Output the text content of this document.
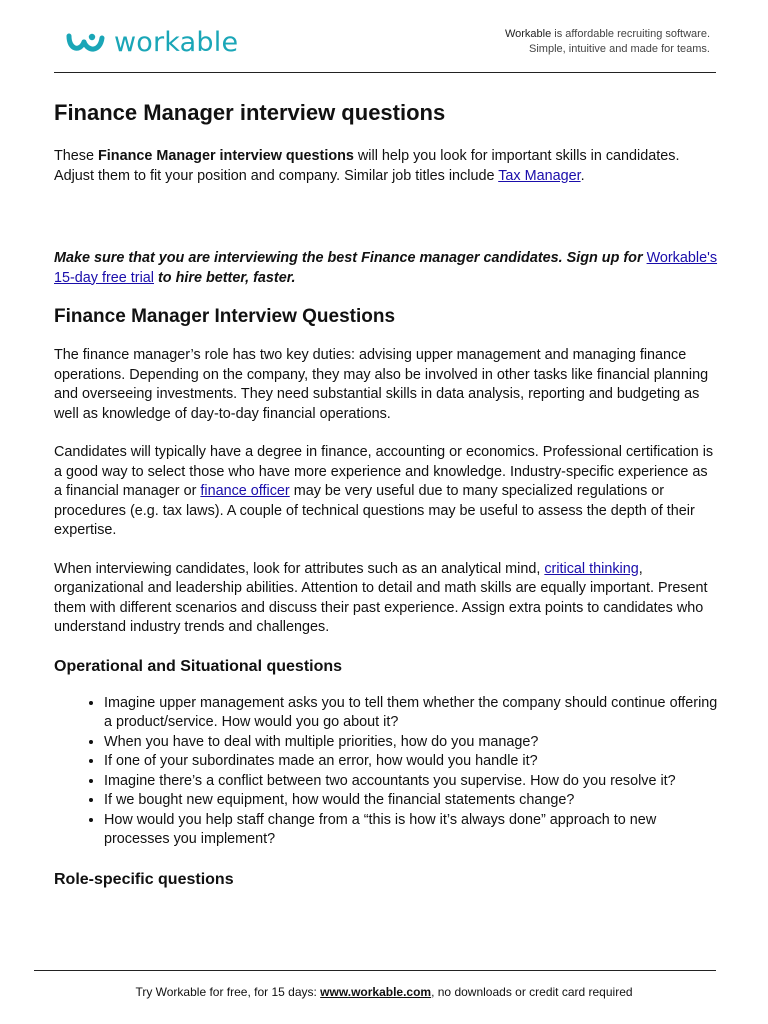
workable	Workable is affordable recruiting software.
Simple, intuitive and made for teams.
Finance Manager interview questions

These Finance Manager interview questions will help you look for important skills in candidates. Adjust them to fit your position and company. Similar job titles include Tax Manager.

Make sure that you are interviewing the best Finance manager candidates. Sign up for Workable's 15-day free trial to hire better, faster.

Finance Manager Interview Questions

The finance manager’s role has two key duties: advising upper management and managing finance operations. Depending on the company, they may also be involved in other tasks like financial planning and overseeing investments. They need substantial skills in data analysis, reporting and budgeting as well as knowledge of day-to-day financial operations.

Candidates will typically have a degree in finance, accounting or economics. Professional certification is a good way to select those who have more experience and knowledge. Industry-specific experience as a financial manager or finance officer may be very useful due to many specialized regulations or procedures (e.g. tax laws). A couple of technical questions may be useful to assess the depth of their expertise.

When interviewing candidates, look for attributes such as an analytical mind, critical thinking, organizational and leadership abilities. Attention to detail and math skills are equally important. Present them with different scenarios and discuss their past experience. Assign extra points to candidates who understand industry trends and challenges.

Operational and Situational questions
• Imagine upper management asks you to tell them whether the company should continue offering a product/service. How would you go about it?
• When you have to deal with multiple priorities, how do you manage?
• If one of your subordinates made an error, how would you handle it?
• Imagine there’s a conflict between two accountants you supervise. How do you resolve it?
• If we bought new equipment, how would the financial statements change?
• How would you help staff change from a “this is how it’s always done” approach to new processes you implement?
Role-specific questions
Try Workable for free, for 15 days: www.workable.com, no downloads or credit card required
